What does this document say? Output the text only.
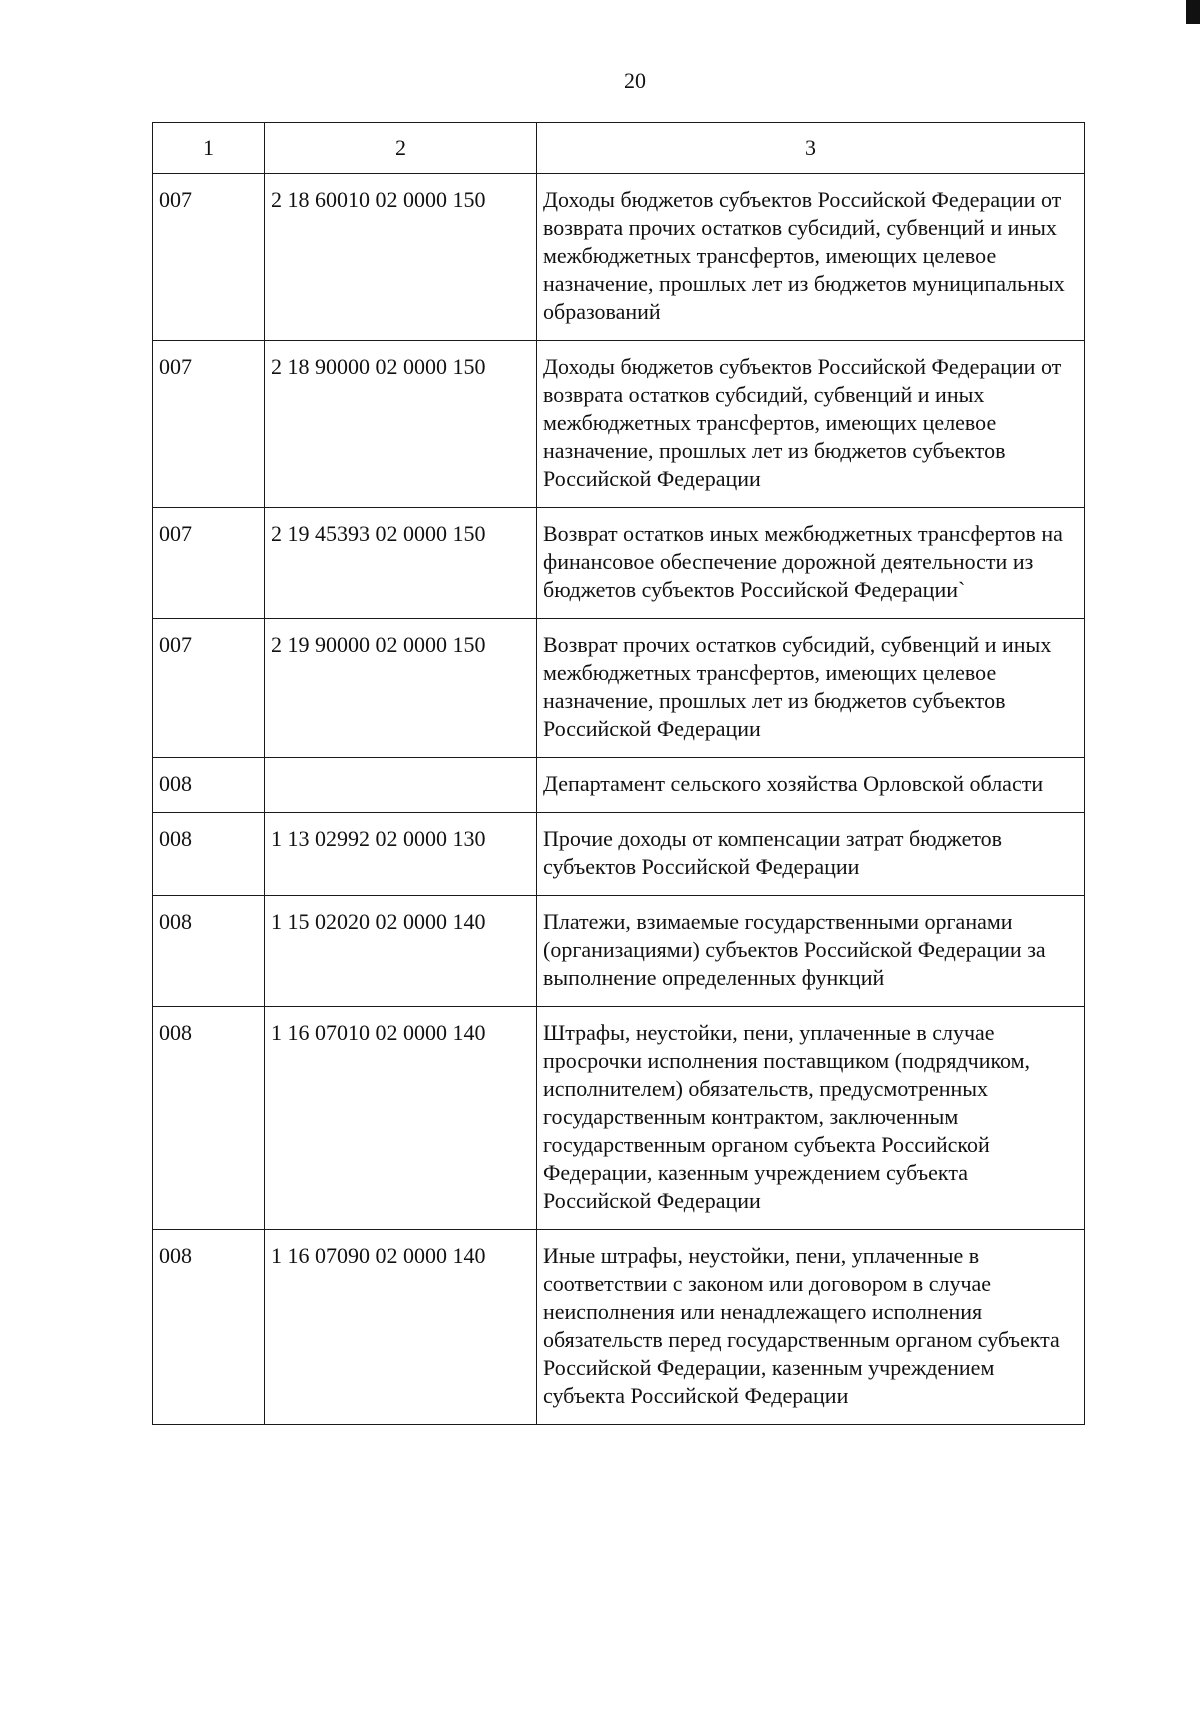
20
1	2	3
007	2 18 60010 02 0000 150	Доходы бюджетов субъектов Российской Федерации от возврата прочих остатков субсидий, субвенций и иных межбюджетных трансфертов, имеющих целевое назначение, прошлых лет из бюджетов муниципальных образований
007	2 18 90000 02 0000 150	Доходы бюджетов субъектов Российской Федерации от возврата остатков субсидий, субвенций и иных межбюджетных трансфертов, имеющих целевое назначение, прошлых лет из бюджетов субъектов Российской Федерации
007	2 19 45393 02 0000 150	Возврат остатков иных межбюджетных трансфертов на финансовое обеспечение дорожной деятельности из бюджетов субъектов Российской Федерации`
007	2 19 90000 02 0000 150	Возврат прочих остатков субсидий, субвенций и иных межбюджетных трансфертов, имеющих целевое назначение, прошлых лет из бюджетов субъектов Российской Федерации
008		Департамент сельского хозяйства Орловской области
008	1 13 02992 02 0000 130	Прочие доходы от компенсации затрат бюджетов субъектов Российской Федерации
008	1 15 02020 02 0000 140	Платежи, взимаемые государственными органами (организациями) субъектов Российской Федерации за выполнение определенных функций
008	1 16 07010 02 0000 140	Штрафы, неустойки, пени, уплаченные в случае просрочки исполнения поставщиком (подрядчиком, исполнителем) обязательств, предусмотренных государственным контрактом, заключенным государственным органом субъекта Российской Федерации, казенным учреждением субъекта Российской Федерации
008	1 16 07090 02 0000 140	Иные штрафы, неустойки, пени, уплаченные в соответствии с законом или договором в случае неисполнения или ненадлежащего исполнения обязательств перед государственным органом субъекта Российской Федерации, казенным учреждением субъекта Российской Федерации
